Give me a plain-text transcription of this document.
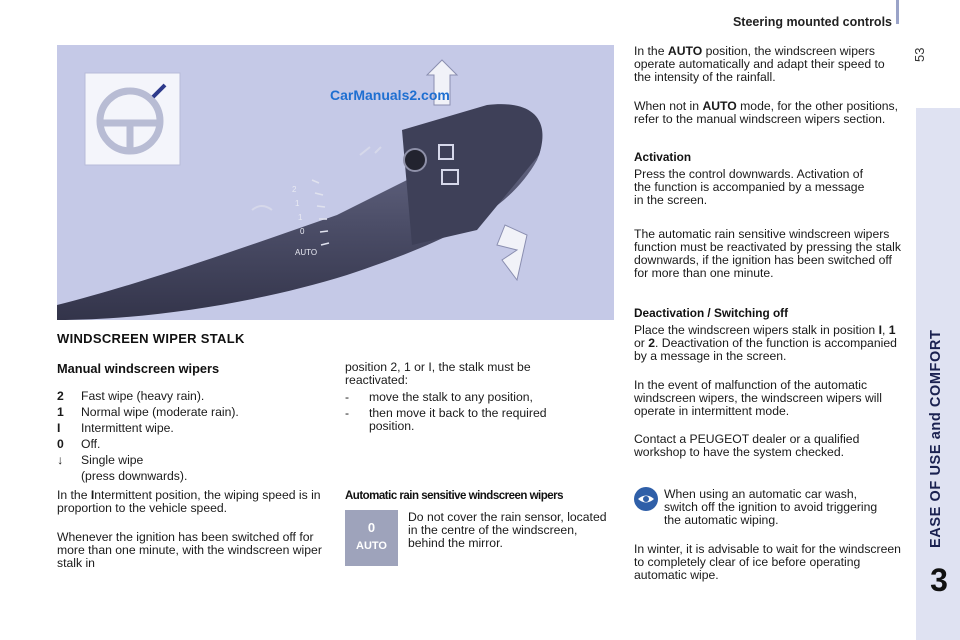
Steering mounted controls
53
EASE OF USE and COMFORT
3
2
1
1
0
AUTO
CarManuals2.com
WINDSCREEN WIPER STALK
Manual windscreen wipers
2 Fast wipe (heavy rain).
1 Normal wipe (moderate rain).
I Intermittent wipe.
0 Off.
↓ Single wipe
(press downwards).
In the Intermittent position, the wiping speed is in proportion to the vehicle speed.
Whenever the ignition has been switched off for more than one minute, with the windscreen wiper stalk in
position 2, 1 or I, the stalk must be reactivated:
-	move the stalk to any position,
-	then move it back to the required position.
Automatic rain sensitive windscreen wipers
0
AUTO
Do not cover the rain sensor, located in the centre of the windscreen, behind the mirror.
In the AUTO position, the windscreen wipers operate automatically and adapt their speed to the intensity of the rainfall.
When not in AUTO mode, for the other positions, refer to the manual windscreen wipers section.
Activation
Press the control downwards. Activation of the function is accompanied by a message in the screen.
The automatic rain sensitive windscreen wipers function must be reactivated by pressing the stalk downwards, if the ignition has been switched off for more than one minute.
Deactivation / Switching off
Place the windscreen wipers stalk in position I, 1 or 2. Deactivation of the function is accompanied by a message in the screen.
In the event of malfunction of the automatic windscreen wipers, the windscreen wipers will operate in intermittent mode.
Contact a PEUGEOT dealer or a qualified workshop to have the system checked.
When using an automatic car wash, switch off the ignition to avoid triggering the automatic wiping.
In winter, it is advisable to wait for the windscreen to completely clear of ice before operating automatic wipe.
